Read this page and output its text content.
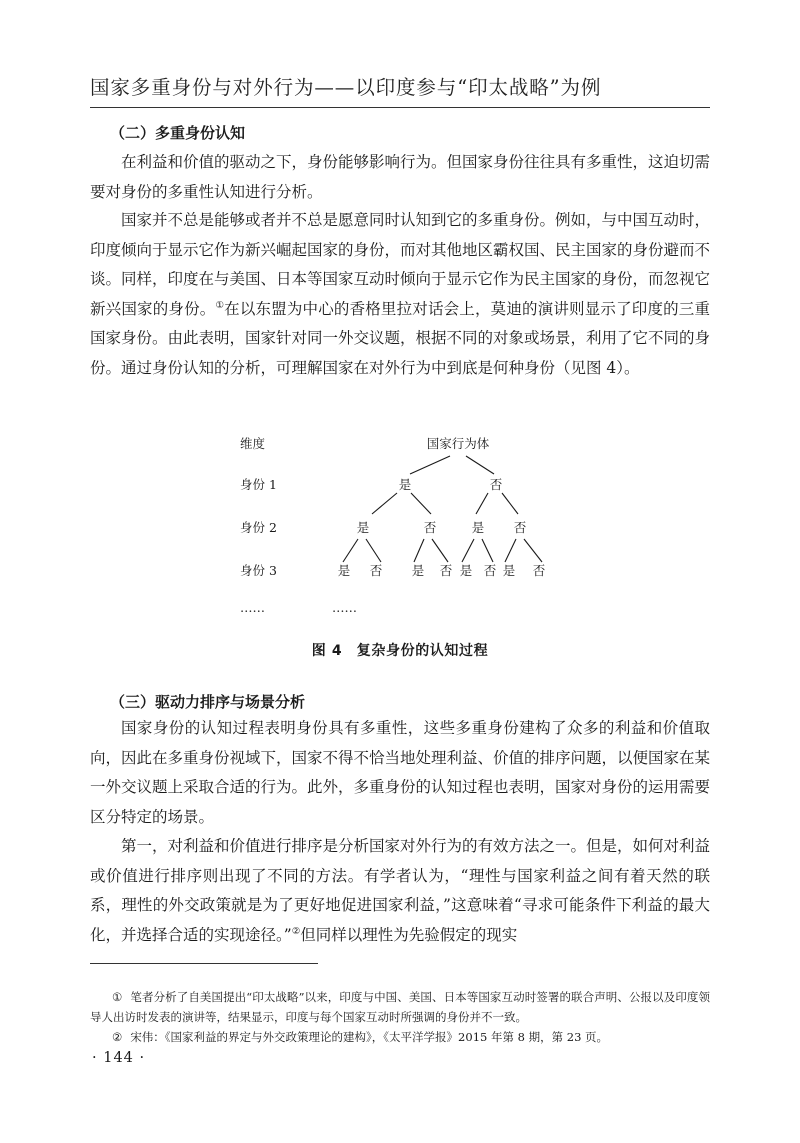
国家多重身份与对外行为——以印度参与“印太战略”为例
（二）多重身份认知

在利益和价值的驱动之下，身份能够影响行为。但国家身份往往具有多重性，这迫切需要对身份的多重性认知进行分析。

国家并不总是能够或者并不总是愿意同时认知到它的多重身份。例如，与中国互动时，印度倾向于显示它作为新兴崛起国家的身份，而对其他地区霸权国、民主国家的身份避而不谈。同样，印度在与美国、日本等国家互动时倾向于显示它作为民主国家的身份，而忽视它新兴国家的身份。①在以东盟为中心的香格里拉对话会上，莫迪的演讲则显示了印度的三重国家身份。由此表明，国家针对同一外交议题，根据不同的对象或场景，利用了它不同的身份。通过身份认知的分析，可理解国家在对外行为中到底是何种身份（见图 4）。

维度	国家行为体
身份 1	是	否
身份 2	是	否	是 否
身份 3	是 否 是 否 是 否 是 否
……	……
图 4　复杂身份的认知过程
（三）驱动力排序与场景分析

国家身份的认知过程表明身份具有多重性，这些多重身份建构了众多的利益和价值取向，因此在多重身份视域下，国家不得不恰当地处理利益、价值的排序问题，以便国家在某一外交议题上采取合适的行为。此外，多重身份的认知过程也表明，国家对身份的运用需要区分特定的场景。

第一，对利益和价值进行排序是分析国家对外行为的有效方法之一。但是，如何对利益或价值进行排序则出现了不同的方法。有学者认为，“理性与国家利益之间有着天然的联系，理性的外交政策就是为了更好地促进国家利益，”这意味着“寻求可能条件下利益的最大化，并选择合适的实现途径。”②但同样以理性为先验假定的现实

① 笔者分析了自美国提出“印太战略”以来，印度与中国、美国、日本等国家互动时签署的联合声明、公报以及印度领导人出访时发表的演讲等，结果显示，印度与每个国家互动时所强调的身份并不一致。

② 宋伟：《国家利益的界定与外交政策理论的建构》，《太平洋学报》2015 年第 8 期，第 23 页。

· 144 ·
